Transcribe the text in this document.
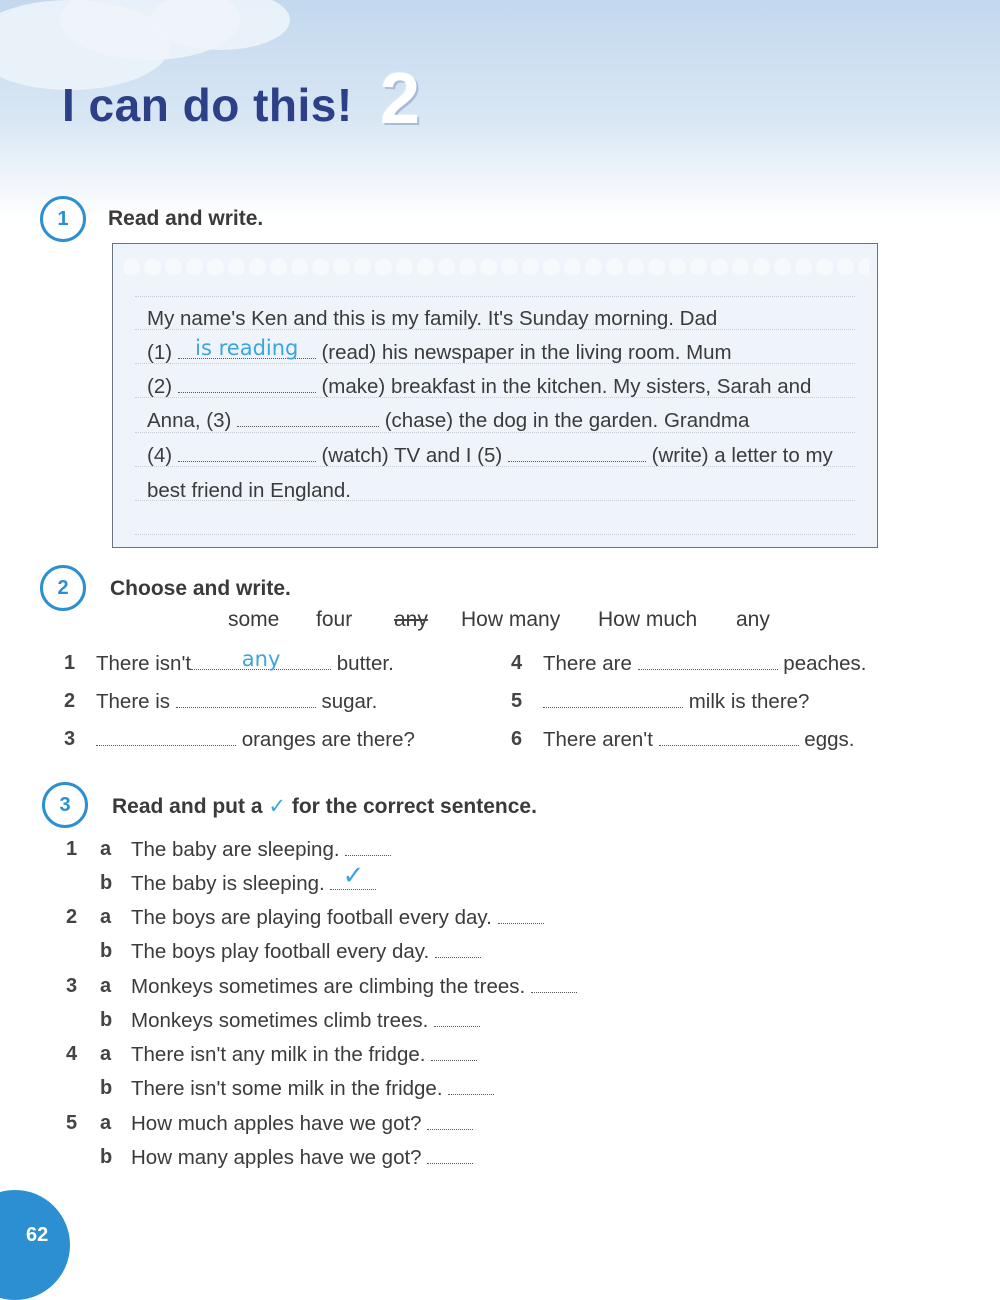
I can do this! 2
1	Read and write.
My name's Ken and this is my family. It's Sunday morning. Dad
(1)	is reading	(read) his newspaper in the living room. Mum
(2)	(make) breakfast in the kitchen. My sisters, Sarah and
Anna, (3)	(chase) the dog in the garden. Grandma
(4)	(watch) TV and I (5)	(write) a letter to my
best friend in England.
2	Choose and write.
some four any How many How much any
1 There isn't	any	butter.
2 There is	sugar.
3	oranges are there?
4 There are	peaches.
5	milk is there?
6 There aren't	eggs.
3	Read and put a ✓ for the correct sentence.
1 a The baby are sleeping.
b The baby is sleeping. ✓
2 a The boys are playing football every day.
b The boys play football every day.
3 a Monkeys sometimes are climbing the trees.
b Monkeys sometimes climb trees.
4 a There isn't any milk in the fridge.
b There isn't some milk in the fridge.
5 a How much apples have we got?
b How many apples have we got?
62
